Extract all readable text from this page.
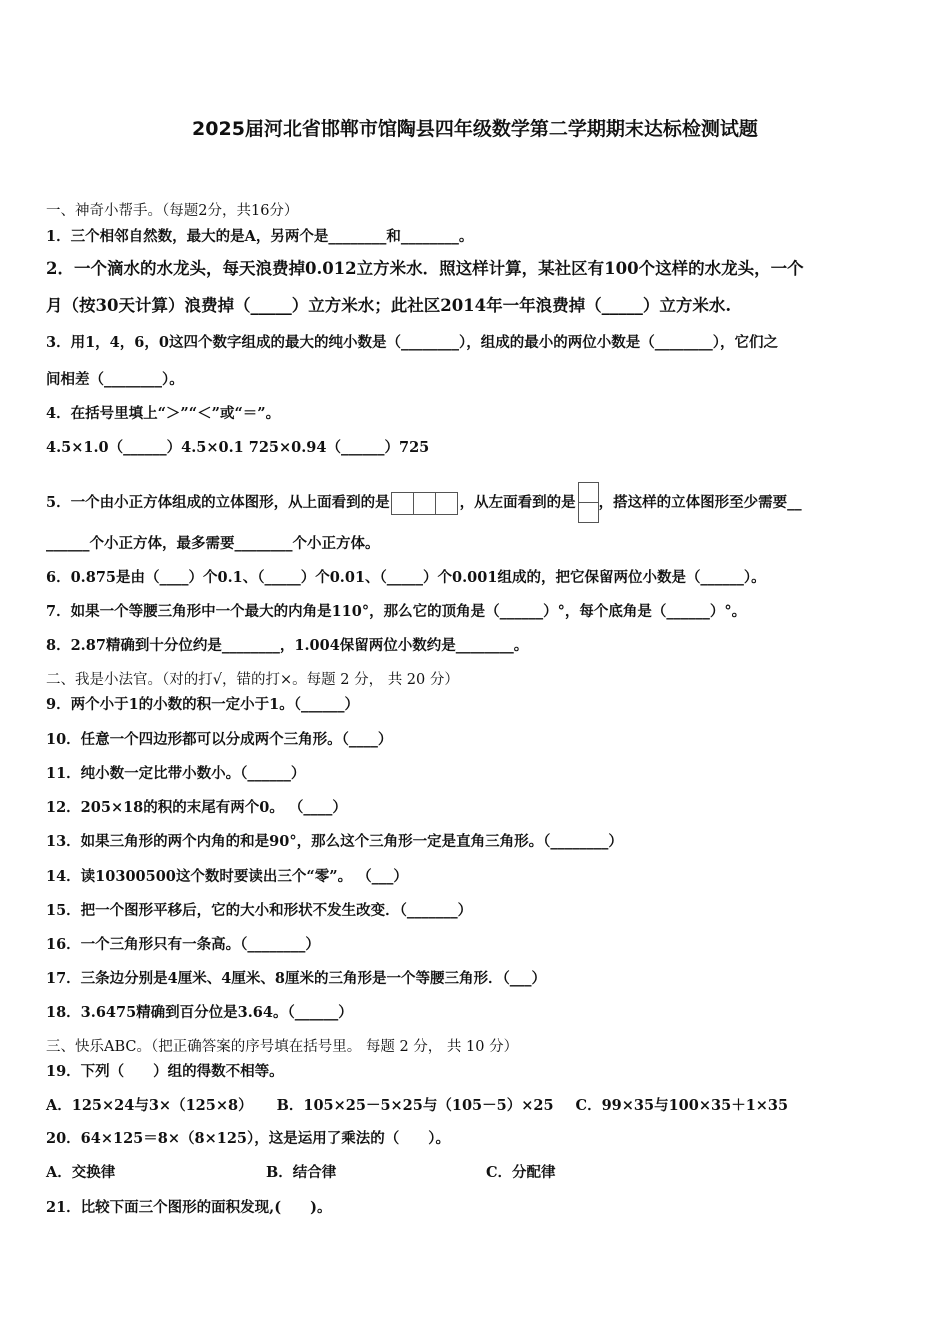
2025届河北省邯郸市馆陶县四年级数学第二学期期末达标检测试题
一、神奇小帮手。（每题2分，共16分）
1．三个相邻自然数，最大的是A，另两个是________和________。
2．一个滴水的水龙头，每天浪费掉0.012立方米水．照这样计算，某社区有100个这样的水龙头，一个
月（按30天计算）浪费掉（_____）立方米水；此社区2014年一年浪费掉（_____）立方米水.
3．用1，4，6，0这四个数字组成的最大的纯小数是（________），组成的最小的两位小数是（________），它们之
间相差（________）。
4．在括号里填上“＞”“＜”或“＝”。
4.5×1.0（______）4.5×0.1 725×0.94（______）725
5．一个由小正方体组成的立体图形，从上面看到的是	，从左面看到的是 ，搭这样的立体图形至少需要__
______个小正方体，最多需要________个小正方体。
6．0.875是由（____）个0.1、（_____）个0.01、（_____）个0.001组成的，把它保留两位小数是（______）。
7．如果一个等腰三角形中一个最大的内角是110°，那么它的顶角是（______）°，每个底角是（______）°。
8．2.87精确到十分位约是________，1.004保留两位小数约是________。
二、我是小法官。（对的打√，错的打×。每题 2 分， 共 20 分）
9．两个小于1的小数的积一定小于1。（______）
10．任意一个四边形都可以分成两个三角形。（____）
11．纯小数一定比带小数小。（______）
12．205×18的积的末尾有两个0。 （____）
13．如果三角形的两个内角的和是90°，那么这个三角形一定是直角三角形。（________）
14．读10300500这个数时要读出三个“零”。 （___）
15．把一个图形平移后，它的大小和形状不发生改变．（_______）
16．一个三角形只有一条高。（________）
17．三条边分别是4厘米、4厘米、8厘米的三角形是一个等腰三角形．（___）
18．3.6475精确到百分位是3.64。（______）
三、快乐ABC。（把正确答案的序号填在括号里。 每题 2 分， 共 10 分）
19．下列（　　）组的得数不相等。
A．125×24与3×（125×8） B．105×25－5×25与（105－5）×25 C．99×35与100×35＋1×35
20．64×125＝8×（8×125），这是运用了乘法的（　　）。
A．交换律	B．结合律	C．分配律
21．比较下面三个图形的面积发现,(　　)。
